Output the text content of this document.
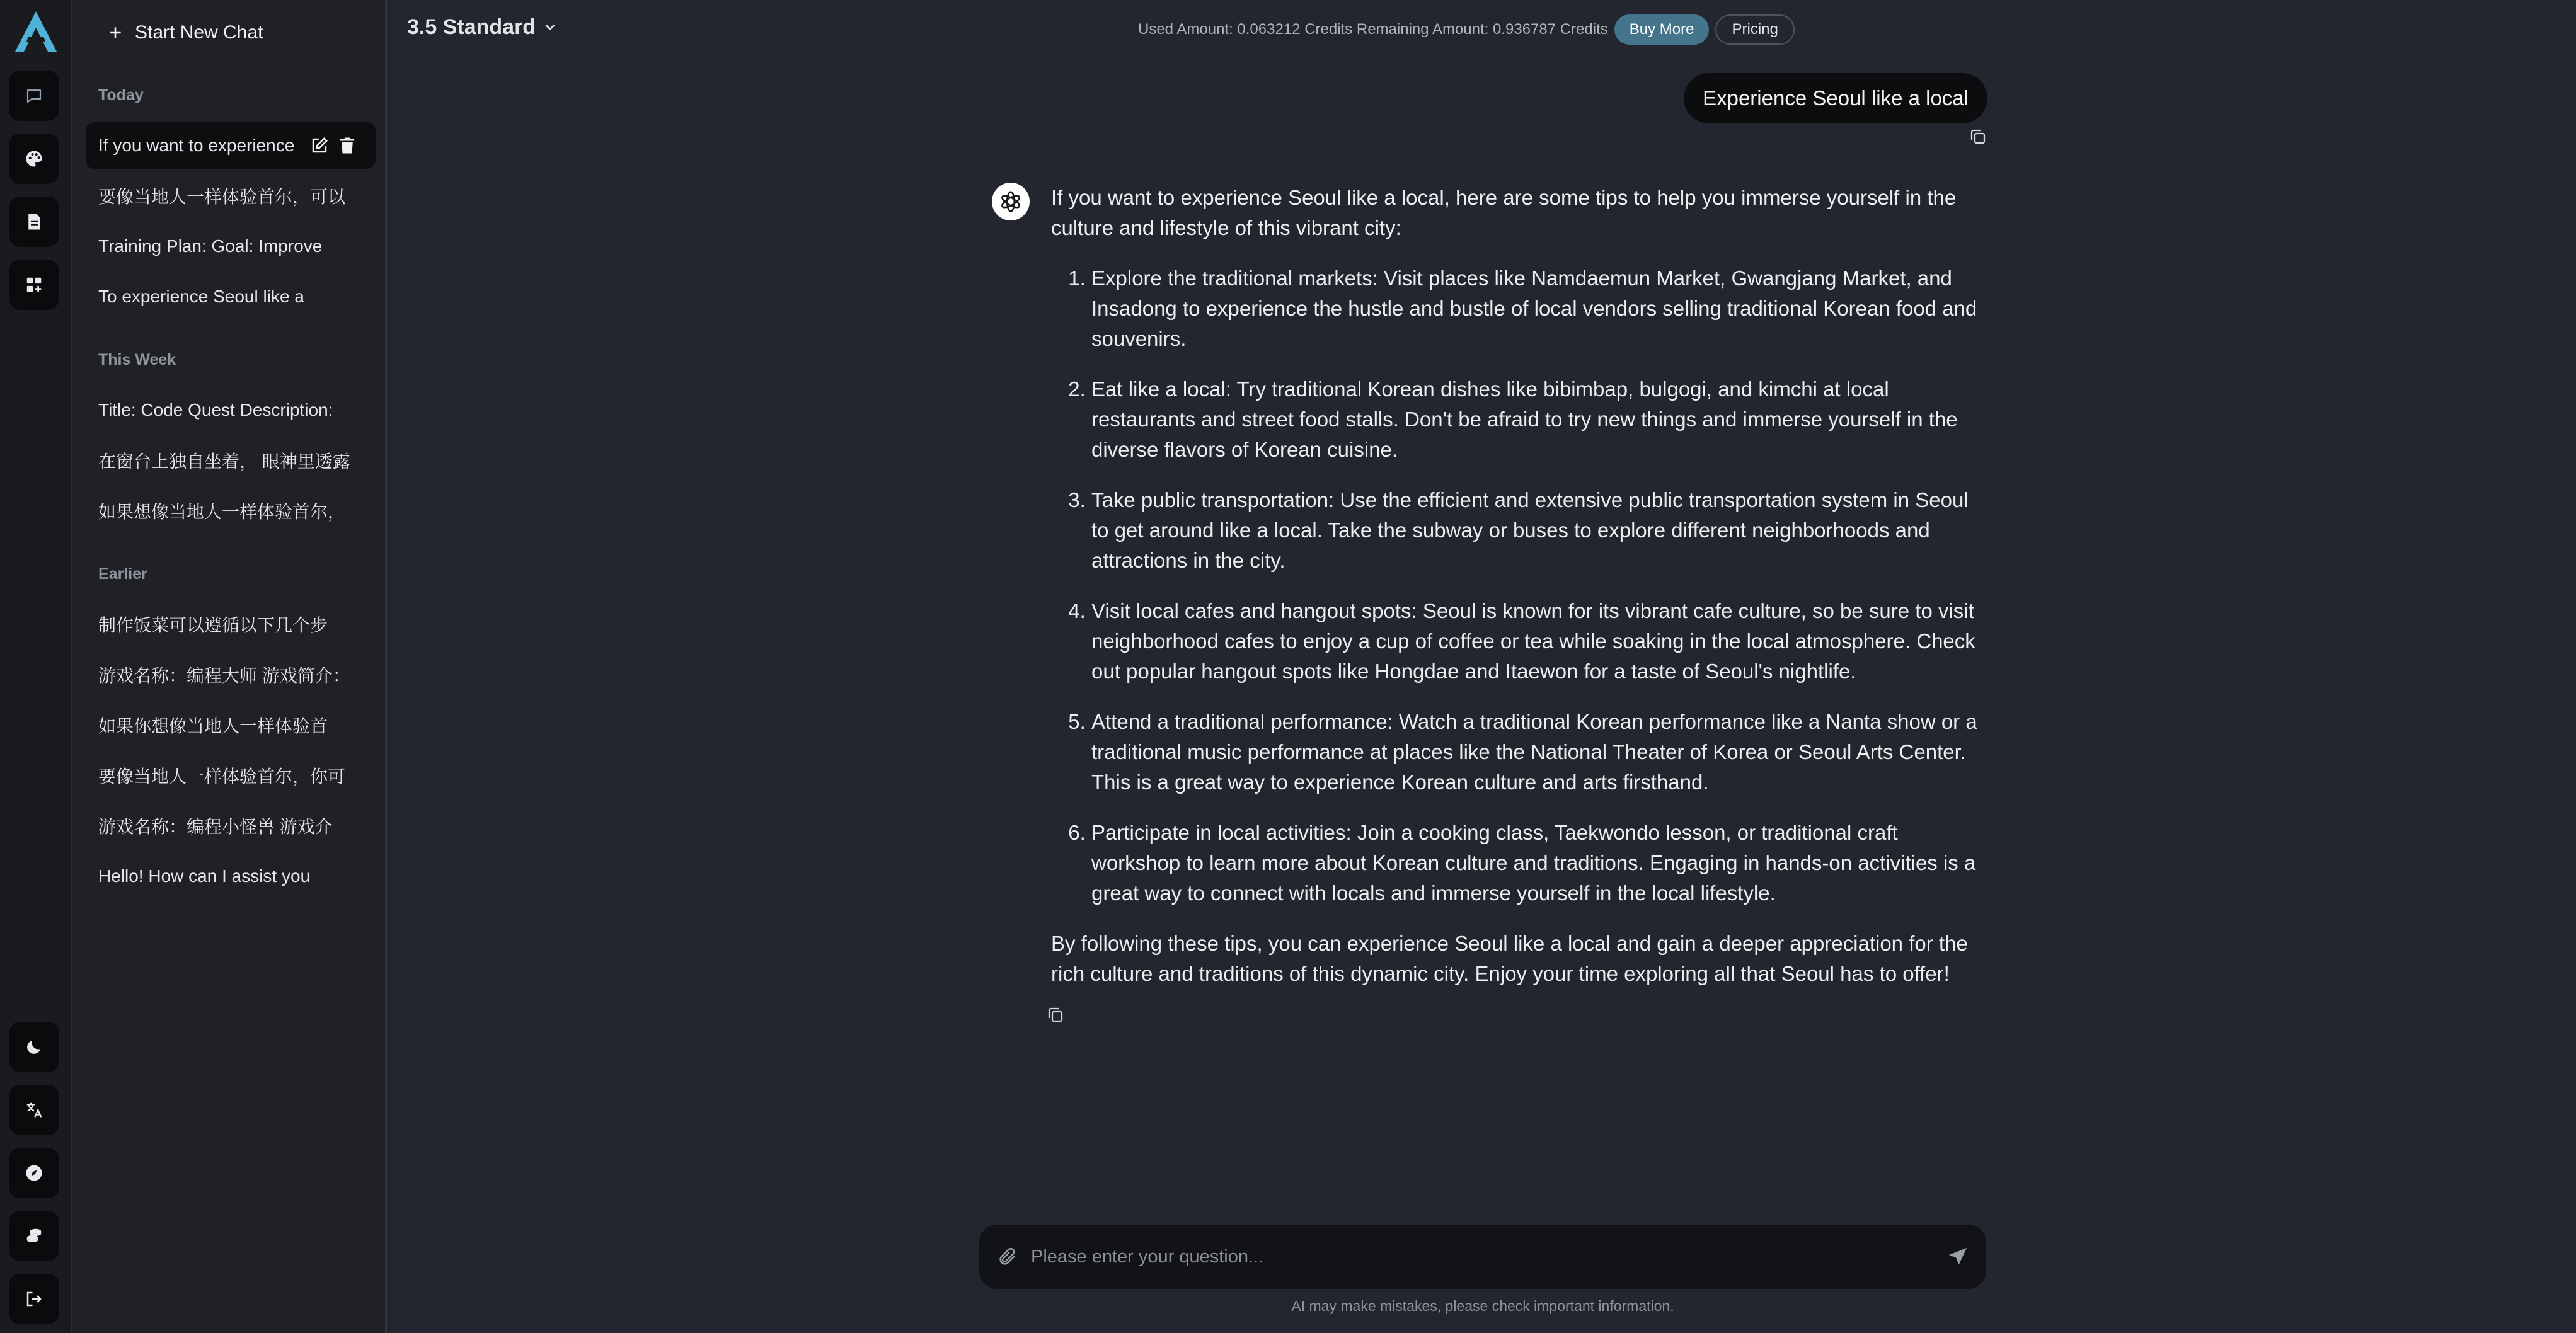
Start New Chat
Today
If you want to experience
要像当地人一样体验首尔，可以
Training Plan: Goal: Improve
To experience Seoul like a
This Week
Title: Code Quest Description:
在窗台上独自坐着， 眼神里透露
如果想像当地人一样体验首尔，
Earlier
制作饭菜可以遵循以下几个步
游戏名称：编程大师 游戏简介：
如果你想像当地人一样体验首
要像当地人一样体验首尔，你可
游戏名称：编程小怪兽 游戏介
Hello! How can I assist you
3.5 Standard	Used Amount: 0.063212 Credits Remaining Amount: 0.936787 Credits	Buy More	Pricing
Experience Seoul like a local

If you want to experience Seoul like a local, here are some tips to help you immerse yourself in the culture and lifestyle of this vibrant city:

1. Explore the traditional markets: Visit places like Namdaemun Market, Gwangjang Market, and Insadong to experience the hustle and bustle of local vendors selling traditional Korean food and souvenirs.
2. Eat like a local: Try traditional Korean dishes like bibimbap, bulgogi, and kimchi at local restaurants and street food stalls. Don't be afraid to try new things and immerse yourself in the diverse flavors of Korean cuisine.
3. Take public transportation: Use the efficient and extensive public transportation system in Seoul to get around like a local. Take the subway or buses to explore different neighborhoods and attractions in the city.
4. Visit local cafes and hangout spots: Seoul is known for its vibrant cafe culture, so be sure to visit neighborhood cafes to enjoy a cup of coffee or tea while soaking in the local atmosphere. Check out popular hangout spots like Hongdae and Itaewon for a taste of Seoul's nightlife.
5. Attend a traditional performance: Watch a traditional Korean performance like a Nanta show or a traditional music performance at places like the National Theater of Korea or Seoul Arts Center. This is a great way to experience Korean culture and arts firsthand.
6. Participate in local activities: Join a cooking class, Taekwondo lesson, or traditional craft workshop to learn more about Korean culture and traditions. Engaging in hands-on activities is a great way to connect with locals and immerse yourself in the local lifestyle.

By following these tips, you can experience Seoul like a local and gain a deeper appreciation for the rich culture and traditions of this dynamic city. Enjoy your time exploring all that Seoul has to offer!

Please enter your question...
AI may make mistakes, please check important information.
